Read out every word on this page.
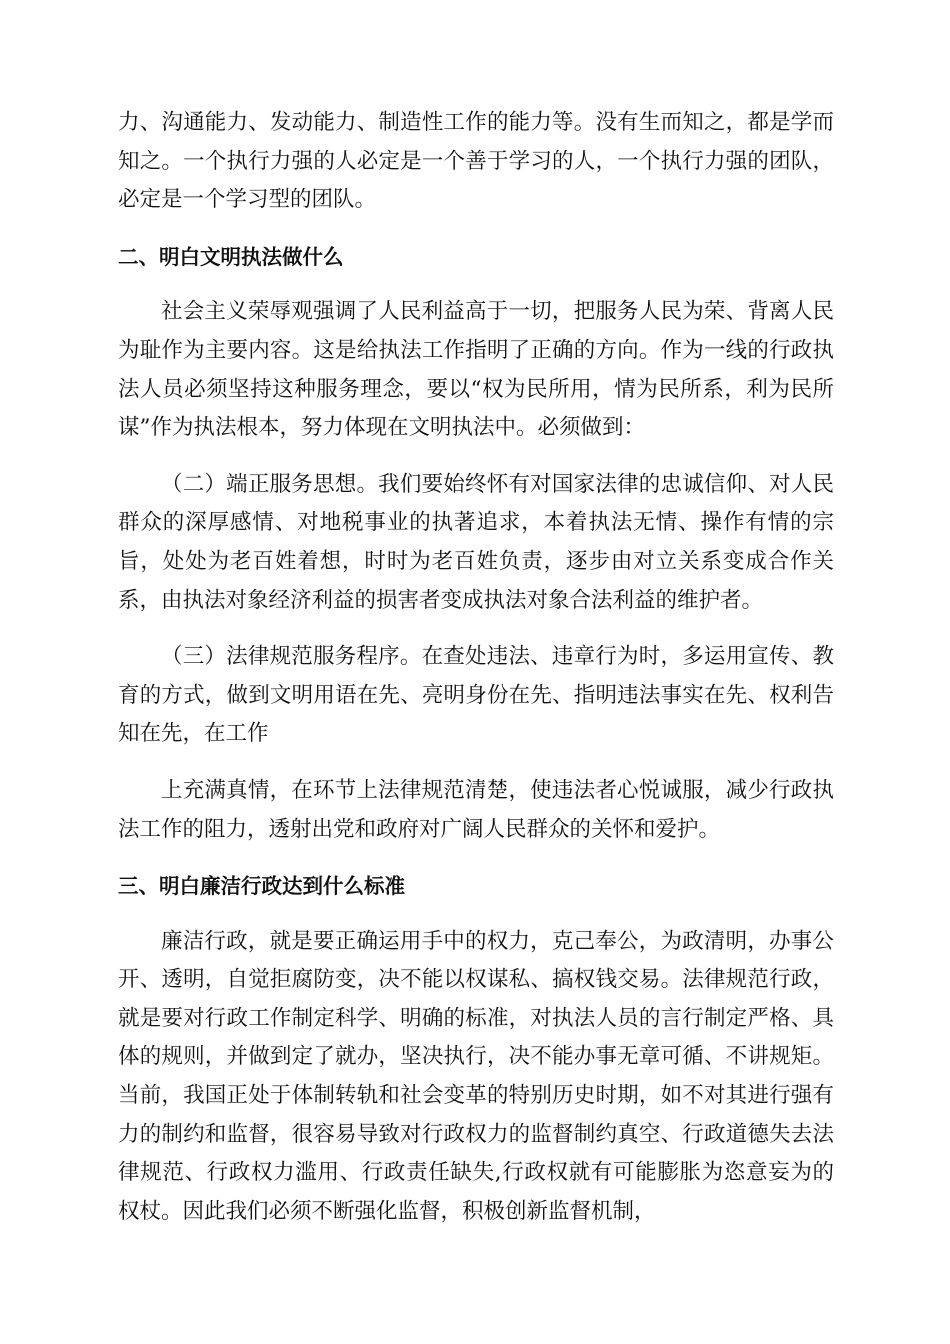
力、沟通能力、发动能力、制造性工作的能力等。没有生而知之，都是学而知之。一个执行力强的人必定是一个善于学习的人，一个执行力强的团队，必定是一个学习型的团队。

二、明白文明执法做什么

社会主义荣辱观强调了人民利益高于一切，把服务人民为荣、背离人民为耻作为主要内容。这是给执法工作指明了正确的方向。作为一线的行政执法人员必须坚持这种服务理念，要以“权为民所用，情为民所系，利为民所谋”作为执法根本，努力体现在文明执法中。必须做到：

（二）端正服务思想。我们要始终怀有对国家法律的忠诚信仰、对人民群众的深厚感情、对地税事业的执著追求，本着执法无情、操作有情的宗旨，处处为老百姓着想，时时为老百姓负责，逐步由对立关系变成合作关系，由执法对象经济利益的损害者变成执法对象合法利益的维护者。

（三）法律规范服务程序。在查处违法、违章行为时，多运用宣传、教育的方式，做到文明用语在先、亮明身份在先、指明违法事实在先、权利告知在先，在工作

上充满真情，在环节上法律规范清楚，使违法者心悦诚服，减少行政执法工作的阻力，透射出党和政府对广阔人民群众的关怀和爱护。

三、明白廉洁行政达到什么标准

廉洁行政，就是要正确运用手中的权力，克己奉公，为政清明，办事公开、透明，自觉拒腐防变，决不能以权谋私、搞权钱交易。法律规范行政，就是要对行政工作制定科学、明确的标准，对执法人员的言行制定严格、具体的规则，并做到定了就办，坚决执行，决不能办事无章可循、不讲规矩。当前，我国正处于体制转轨和社会变革的特别历史时期，如不对其进行强有力的制约和监督，很容易导致对行政权力的监督制约真空、行政道德失去法律规范、行政权力滥用、行政责任缺失,行政权就有可能膨胀为恣意妄为的权杖。因此我们必须不断强化监督，积极创新监督机制，
